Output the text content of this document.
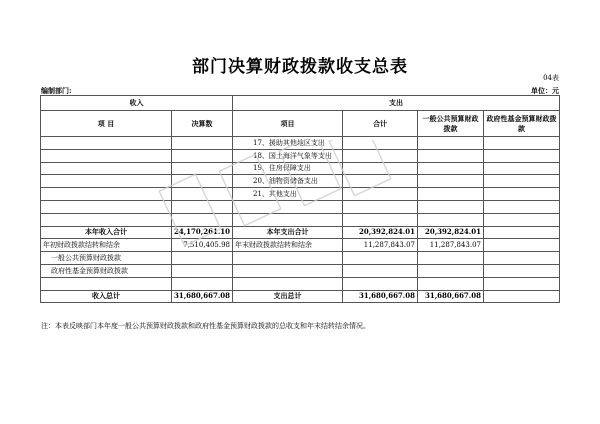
部门决算财政拨款收支总表
04表
编制部门:	单位：元
收入		支出			
项 目	决算数	项目	合计	一般公共预算财政拨款	政府性基金预算财政拨款
		17、援助其他地区支出			
		18、国土海洋气象等支出			
		19、住房保障支出			
		20、油物资储备支出			
		21、其他支出			

本年收入合计	24,170,261.10	本年支出合计	20,392,824.01	20,392,824.01	
年初财政拨款结转和结余	7,510,405.98	年末财政拨款结转和结余	11,287,843.07	11,287,843.07	
一般公共预算财政拨款					
政府性基金预算财政拨款					

收入总计	31,680,667.08	支出总计	31,680,667.08	31,680,667.08	
注：本表反映部门本年度一般公共预算财政拨款和政府性基金预算财政拨款的总收支和年末结转结余情况。
